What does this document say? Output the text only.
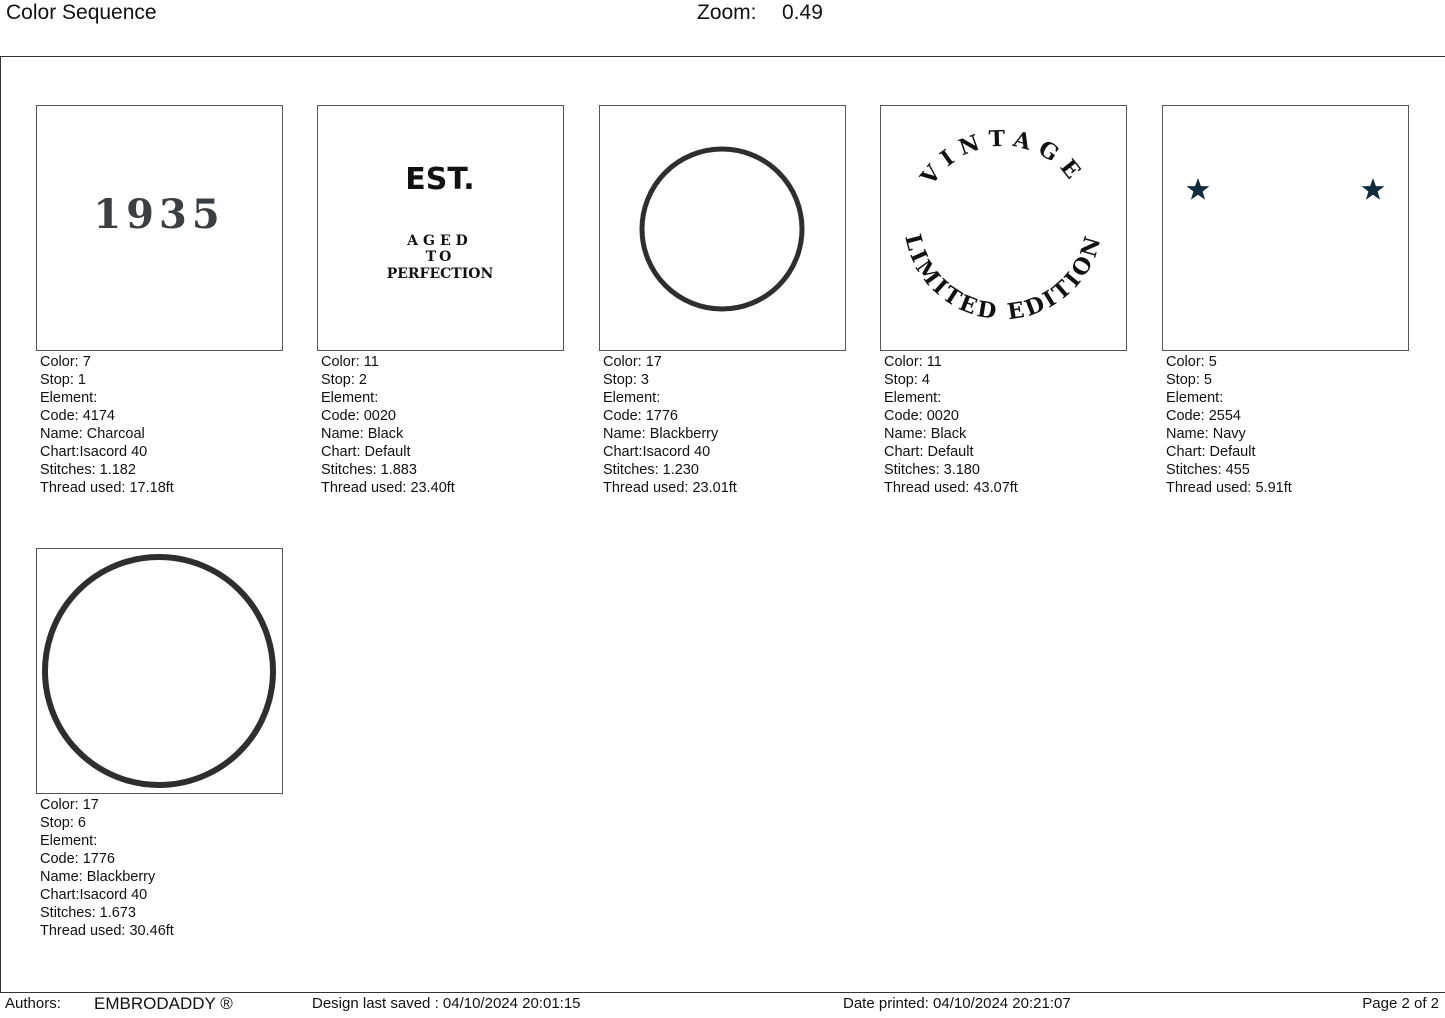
Color Sequence	Zoom: 0.49
1935
Color: 7
Stop: 1
Element:
Code: 4174
Name: Charcoal
Chart:Isacord 40
Stitches: 1.182
Thread used: 17.18ft
EST.
AGED
TO
PERFECTION
Color: 11
Stop: 2
Element:
Code: 0020
Name: Black
Chart: Default
Stitches: 1.883
Thread used: 23.40ft
Color: 17
Stop: 3
Element:
Code: 1776
Name: Blackberry
Chart:Isacord 40
Stitches: 1.230
Thread used: 23.01ft
VINTAGE
LIMITED EDITION
Color: 11
Stop: 4
Element:
Code: 0020
Name: Black
Chart: Default
Stitches: 3.180
Thread used: 43.07ft
Color: 5
Stop: 5
Element:
Code: 2554
Name: Navy
Chart: Default
Stitches: 455
Thread used: 5.91ft
Color: 17
Stop: 6
Element:
Code: 1776
Name: Blackberry
Chart:Isacord 40
Stitches: 1.673
Thread used: 30.46ft
Authors: EMBRODADDY ®	Design last saved : 04/10/2024 20:01:15	Date printed: 04/10/2024 20:21:07	Page 2 of 2
